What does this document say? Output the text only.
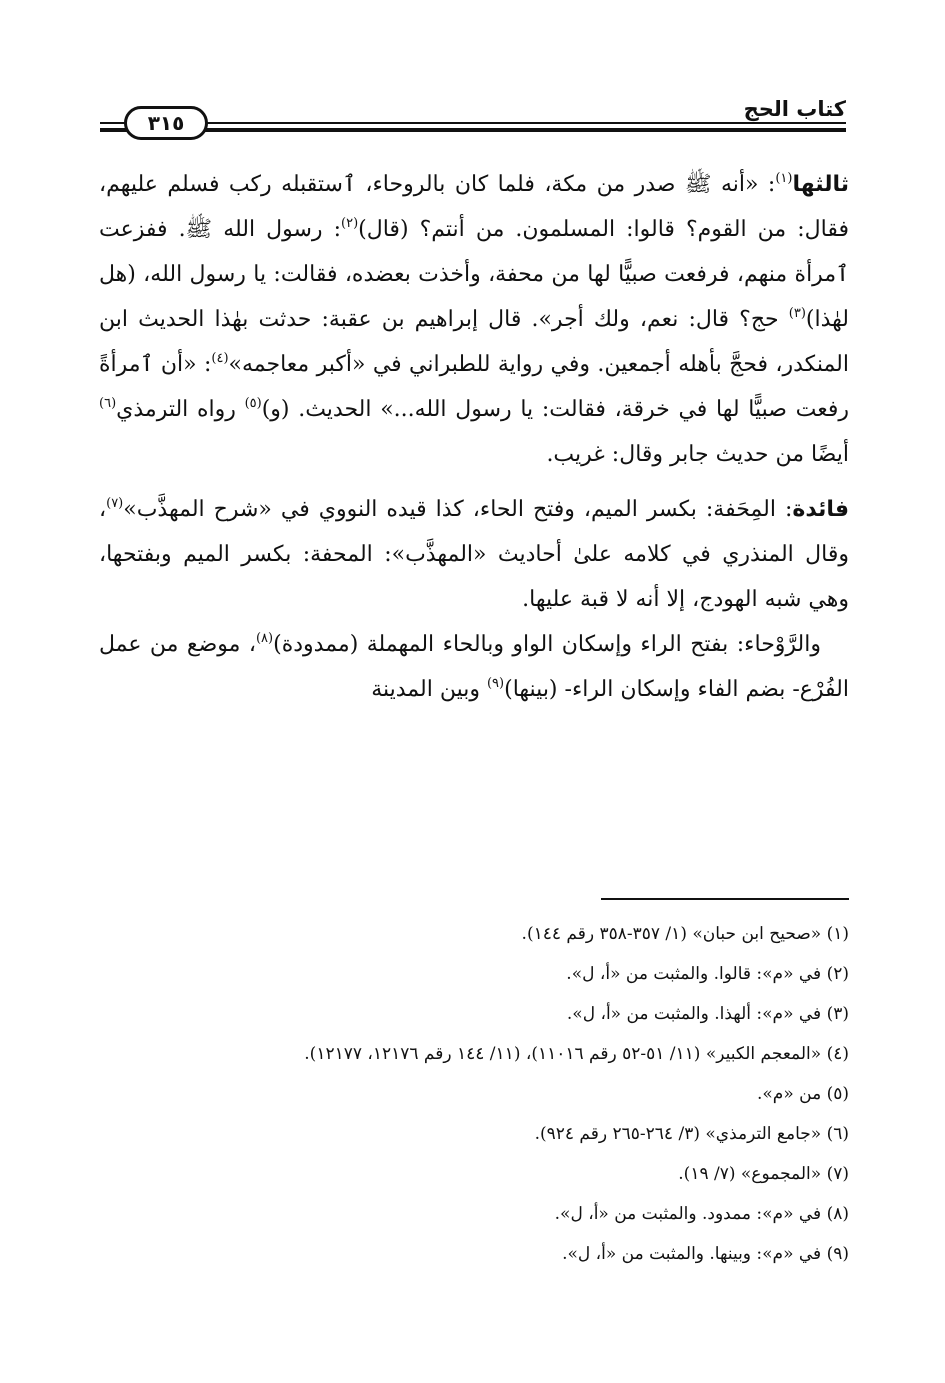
كتاب الحج
٣١٥

ثالثها$^{(١)}$: «أنه ﷺ صدر من مكة، فلما كان بالروحاء، ٱستقبله ركب فسلم عليهم، فقال: من القوم؟ قالوا: المسلمون. من أنتم؟ (قال)$^{(٢)}$: رسول الله ﷺ. ففزعت ٱمرأة منهم، فرفعت صبيًّا لها من محفة، وأخذت بعضده، فقالت: يا رسول الله، (هل لهٰذا)$^{(٣)}$ حج؟ قال: نعم، ولك أجر». قال إبراهيم بن عقبة: حدثت بهٰذا الحديث ابن المنكدر، فحجَّ بأهله أجمعين. وفي رواية للطبراني في «أكبر معاجمه»$^{(٤)}$: «أن ٱمرأةً رفعت صبيًّا لها في خرقة، فقالت: يا رسول الله...» الحديث. (و)$^{(٥)}$ رواه الترمذي$^{(٦)}$ أيضًا من حديث جابر وقال: غريب.

فائدة: المِحَفة: بكسر الميم، وفتح الحاء، كذا قيده النووي في «شرح المهذَّب»$^{(٧)}$، وقال المنذري في كلامه علىٰ أحاديث «المهذَّب»: المحفة: بكسر الميم وبفتحها، وهي شبه الهودج، إلا أنه لا قبة عليها.

والرَّوْحاء: بفتح الراء وإسكان الواو وبالحاء المهملة (ممدودة)$^{(٨)}$، موضع من عمل الفُرْع- بضم الفاء وإسكان الراء- (بينها)$^{(٩)}$ وبين المدينة

(١) «صحيح ابن حبان» (١/ ٣٥٧-٣٥٨ رقم ١٤٤).
(٢) في «م»: قالوا. والمثبت من «أ، ل».
(٣) في «م»: ألهذا. والمثبت من «أ، ل».
(٤) «المعجم الكبير» (١١/ ٥١-٥٢ رقم ١١٠١٦)، (١١/ ١٤٤ رقم ١٢١٧٦، ١٢١٧٧).
(٥) من «م».
(٦) «جامع الترمذي» (٣/ ٢٦٤-٢٦٥ رقم ٩٢٤).
(٧) «المجموع» (٧/ ١٩).
(٨) في «م»: ممدود. والمثبت من «أ، ل».
(٩) في «م»: وبينها. والمثبت من «أ، ل».
